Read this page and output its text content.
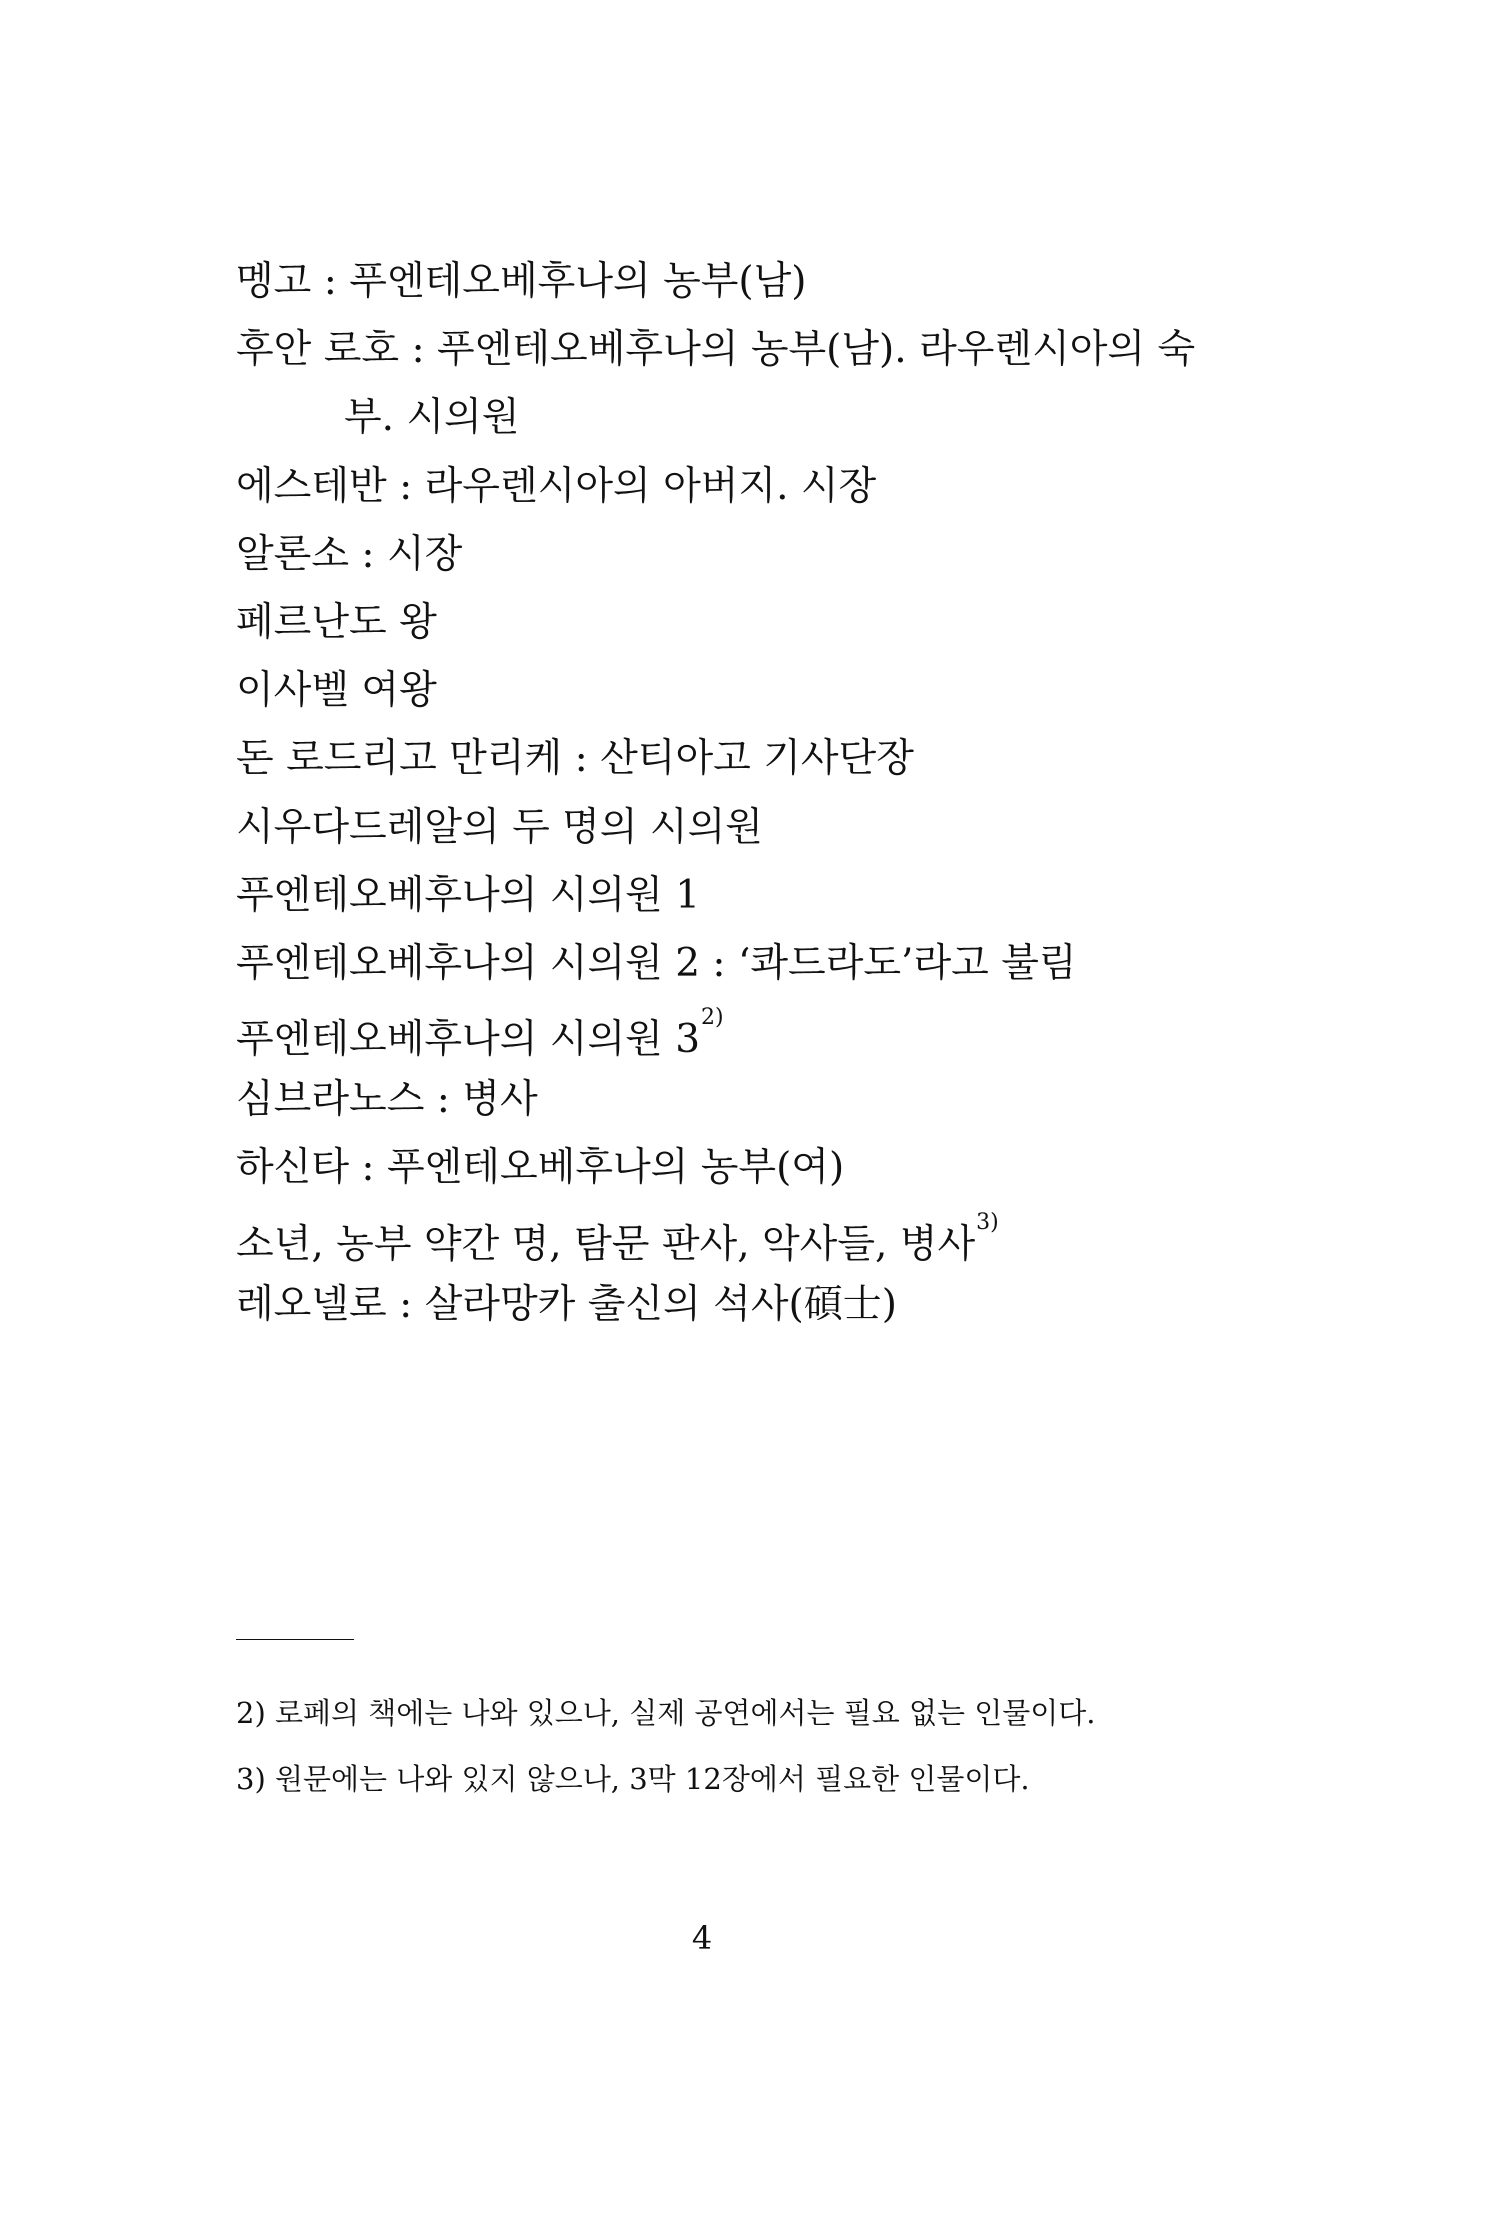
멩고 : 푸엔테오베후나의 농부(남)
후안 로호 : 푸엔테오베후나의 농부(남). 라우렌시아의 숙
부. 시의원
에스테반 : 라우렌시아의 아버지. 시장
알론소 : 시장
페르난도 왕
이사벨 여왕
돈 로드리고 만리케 : 산티아고 기사단장
시우다드레알의 두 명의 시의원
푸엔테오베후나의 시의원 1
푸엔테오베후나의 시의원 2 : ‘콰드라도’라고 불림
푸엔테오베후나의 시의원 3$^{2)}$
심브라노스 : 병사
하신타 : 푸엔테오베후나의 농부(여)
소년, 농부 약간 명, 탐문 판사, 악사들, 병사$^{3)}$
레오넬로 : 살라망카 출신의 석사(碩士)
2) 로페의 책에는 나와 있으나, 실제 공연에서는 필요 없는 인물이다.
3) 원문에는 나와 있지 않으나, 3막 12장에서 필요한 인물이다.
4
